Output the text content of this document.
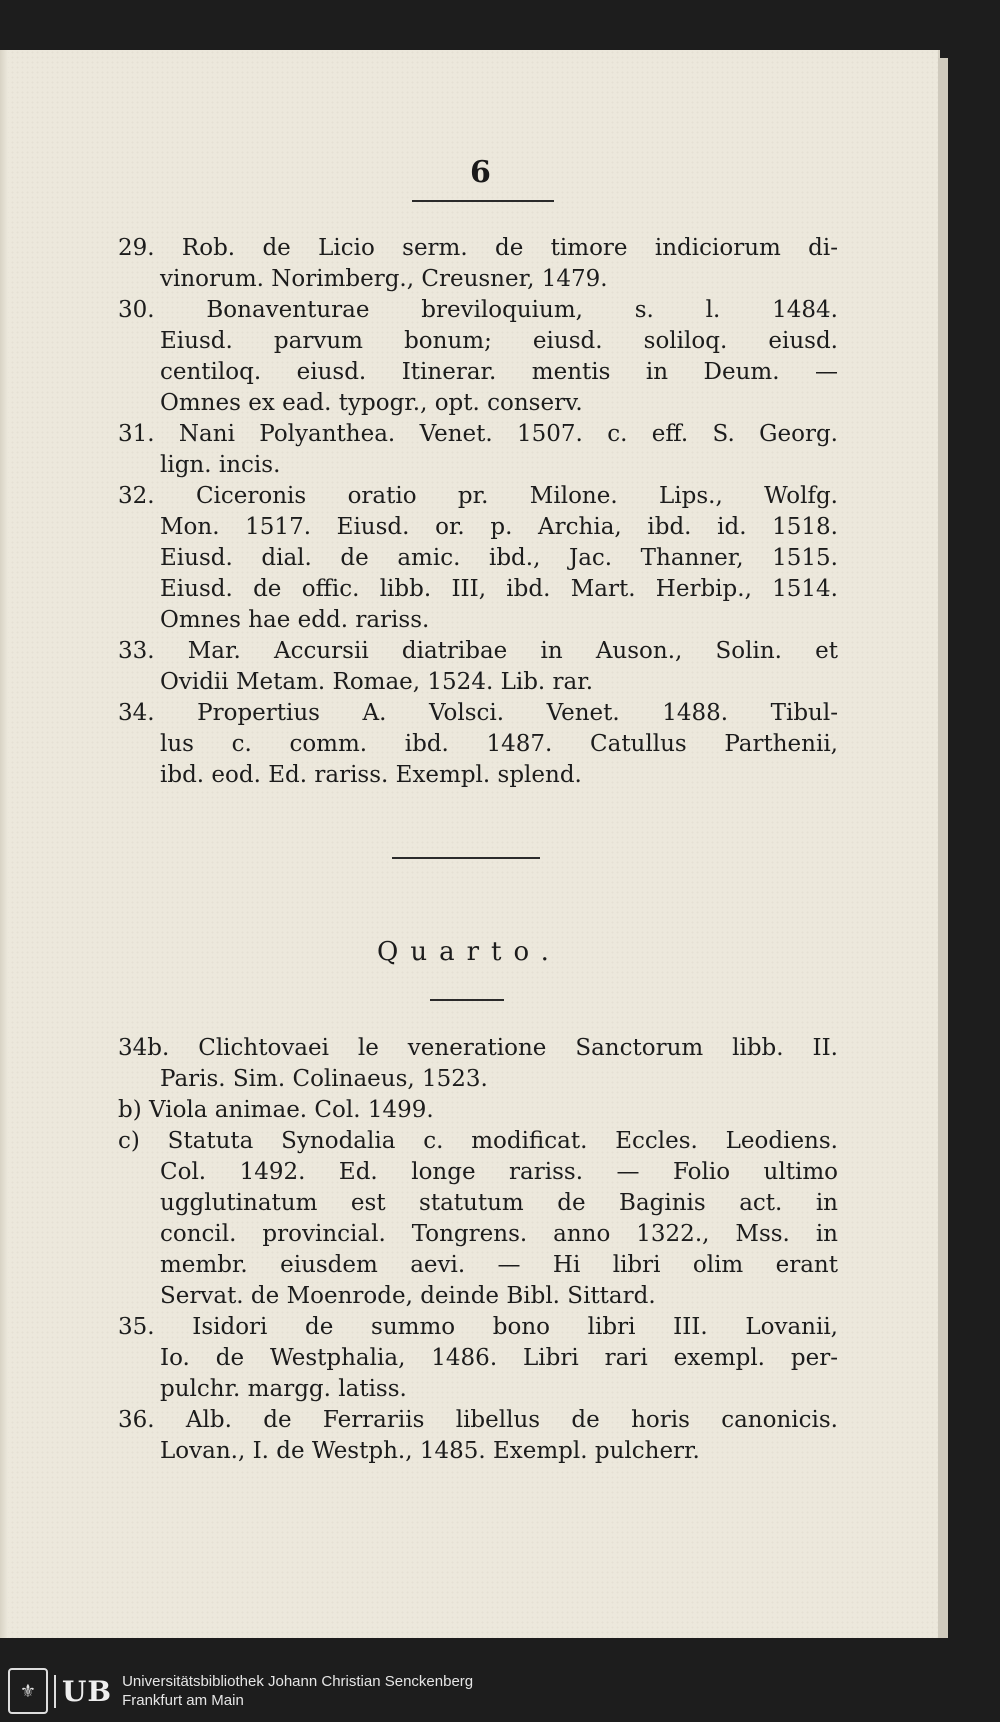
6
29. Rob. de Licio serm. de timore indiciorum di-
vinorum. Norimberg., Creusner, 1479.
30. Bonaventurae breviloquium, s. l. 1484.
Eiusd. parvum bonum; eiusd. soliloq. eiusd.
centiloq. eiusd. Itinerar. mentis in Deum. —
Omnes ex ead. typogr., opt. conserv.
31. Nani Polyanthea. Venet. 1507. c. eff. S. Georg.
lign. incis.
32. Ciceronis oratio pr. Milone. Lips., Wolfg.
Mon. 1517. Eiusd. or. p. Archia, ibd. id. 1518.
Eiusd. dial. de amic. ibd., Jac. Thanner, 1515.
Eiusd. de offic. libb. III, ibd. Mart. Herbip., 1514.
Omnes hae edd. rariss.
33. Mar. Accursii diatribae in Auson., Solin. et
Ovidii Metam. Romae, 1524. Lib. rar.
34. Propertius A. Volsci. Venet. 1488. Tibul-
lus c. comm. ibd. 1487. Catullus Parthenii,
ibd. eod. Ed. rariss. Exempl. splend.
Quarto.
34b. Clichtovaei le veneratione Sanctorum libb. II.
Paris. Sim. Colinaeus, 1523.
b) Viola animae. Col. 1499.
c) Statuta Synodalia c. modificat. Eccles. Leodiens.
Col. 1492. Ed. longe rariss. — Folio ultimo
ugglutinatum est statutum de Baginis act. in
concil. provincial. Tongrens. anno 1322., Mss. in
membr. eiusdem aevi. — Hi libri olim erant
Servat. de Moenrode, deinde Bibl. Sittard.
35. Isidori de summo bono libri III. Lovanii,
Io. de Westphalia, 1486. Libri rari exempl. per-
pulchr. margg. latiss.
36. Alb. de Ferrariis libellus de horis canonicis.
Lovan., I. de Westph., 1485. Exempl. pulcherr.
⚜ UB Universitätsbibliothek Johann Christian Senckenberg
Frankfurt am Main
